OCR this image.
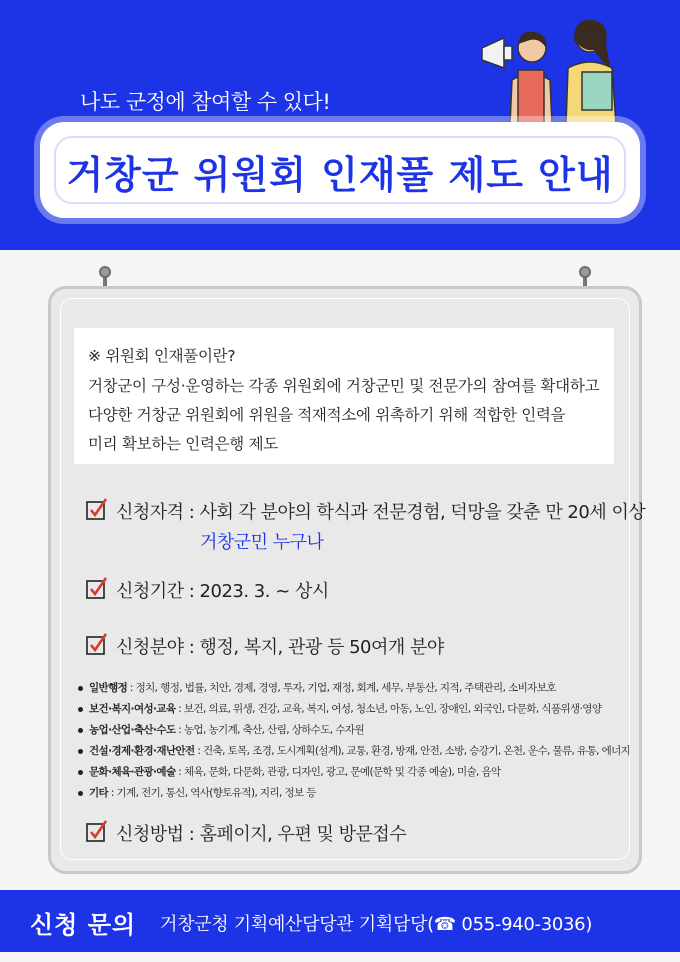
나도 군정에 참여할 수 있다!
거창군 위원회 인재풀 제도 안내
※ 위원회 인재풀이란?
거창군이 구성·운영하는 각종 위원회에 거창군민 및 전문가의 참여를 확대하고
다양한 거창군 위원회에 위원을 적재적소에 위촉하기 위해 적합한 인력을
미리 확보하는 인력은행 제도
신청자격 : 사회 각 분야의 학식과 전문경험, 덕망을 갖춘 만 20세 이상
거창군민 누구나
신청기간 : 2023. 3. ~ 상시
신청분야 : 행정, 복지, 관광 등 50여개 분야
일반행정 : 정치, 행정, 법률, 치안, 경제, 경영, 투자, 기업, 재정, 회계, 세무, 부동산, 지적, 주택관리, 소비자보호
보건·복지·여성·교육 : 보건, 의료, 위생, 건강, 교육, 복지, 여성, 청소년, 아동, 노인, 장애인, 외국인, 다문화, 식품위생·영양
농업·산업·축산·수도 : 농업, 농기계, 축산, 산림, 상하수도, 수자원
건설·경제·환경·재난안전 : 건축, 토목, 조경, 도시계획(설계), 교통, 환경, 방재, 안전, 소방, 승강기, 온천, 운수, 물류, 유통, 에너지
문화·체육·관광·예술 : 체육, 문화, 다문화, 관광, 디자인, 광고, 문예(문학 및 각종 예술), 미술, 음악
기타 : 기계, 전기, 통신, 역사(향토유적), 지리, 정보 등
신청방법 : 홈페이지, 우편 및 방문접수
신청 문의 거창군청 기획예산담당관 기획담당(☎ 055-940-3036)
